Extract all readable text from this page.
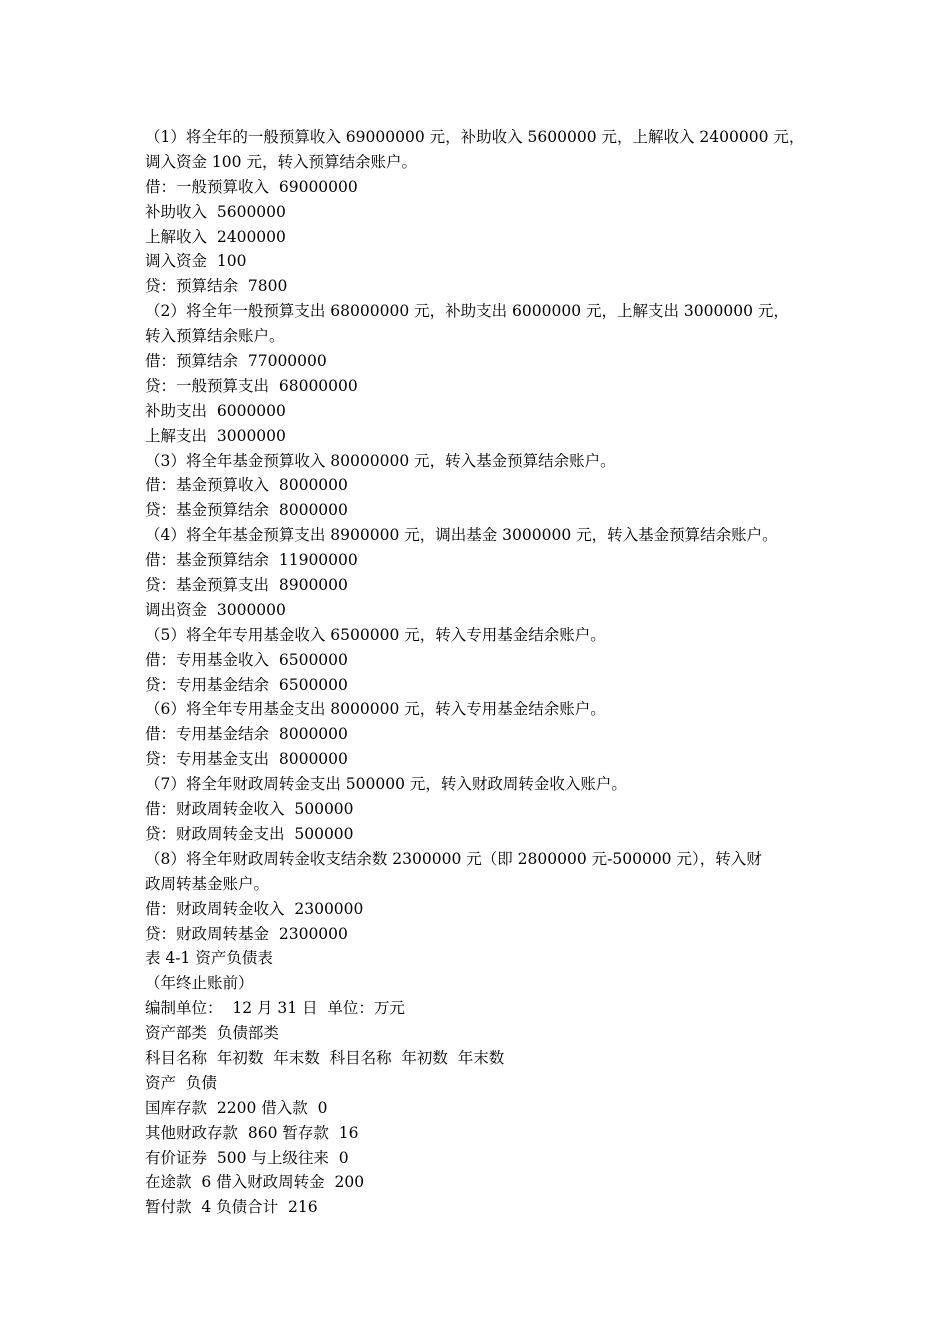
（1）将全年的一般预算收入 69000000 元，补助收入 5600000 元，上解收入 2400000 元，
调入资金 100 元，转入预算结余账户。
借：一般预算收入  69000000
补助收入  5600000
上解收入  2400000
调入资金  100
贷：预算结余  7800
（2）将全年一般预算支出 68000000 元，补助支出 6000000 元，上解支出 3000000 元，
转入预算结余账户。
借：预算结余  77000000
贷：一般预算支出  68000000
补助支出  6000000
上解支出  3000000
（3）将全年基金预算收入 80000000 元，转入基金预算结余账户。
借：基金预算收入  8000000
贷：基金预算结余  8000000
（4）将全年基金预算支出 8900000 元，调出基金 3000000 元，转入基金预算结余账户。
借：基金预算结余  11900000
贷：基金预算支出  8900000
调出资金  3000000
（5）将全年专用基金收入 6500000 元，转入专用基金结余账户。
借：专用基金收入  6500000
贷：专用基金结余  6500000
（6）将全年专用基金支出 8000000 元，转入专用基金结余账户。
借：专用基金结余  8000000
贷：专用基金支出  8000000
（7）将全年财政周转金支出 500000 元，转入财政周转金收入账户。
借：财政周转金收入  500000
贷：财政周转金支出  500000
（8）将全年财政周转金收支结余数 2300000 元（即 2800000 元-500000 元），转入财
政周转基金账户。
借：财政周转金收入  2300000
贷：财政周转基金  2300000
表 4-1 资产负债表
（年终止账前）
编制单位：  12 月 31 日  单位：万元
资产部类  负债部类
科目名称  年初数  年末数  科目名称  年初数  年末数
资产  负债
国库存款  2200 借入款  0
其他财政存款  860 暂存款  16
有价证券  500 与上级往来  0
在途款  6 借入财政周转金  200
暂付款  4 负债合计  216
